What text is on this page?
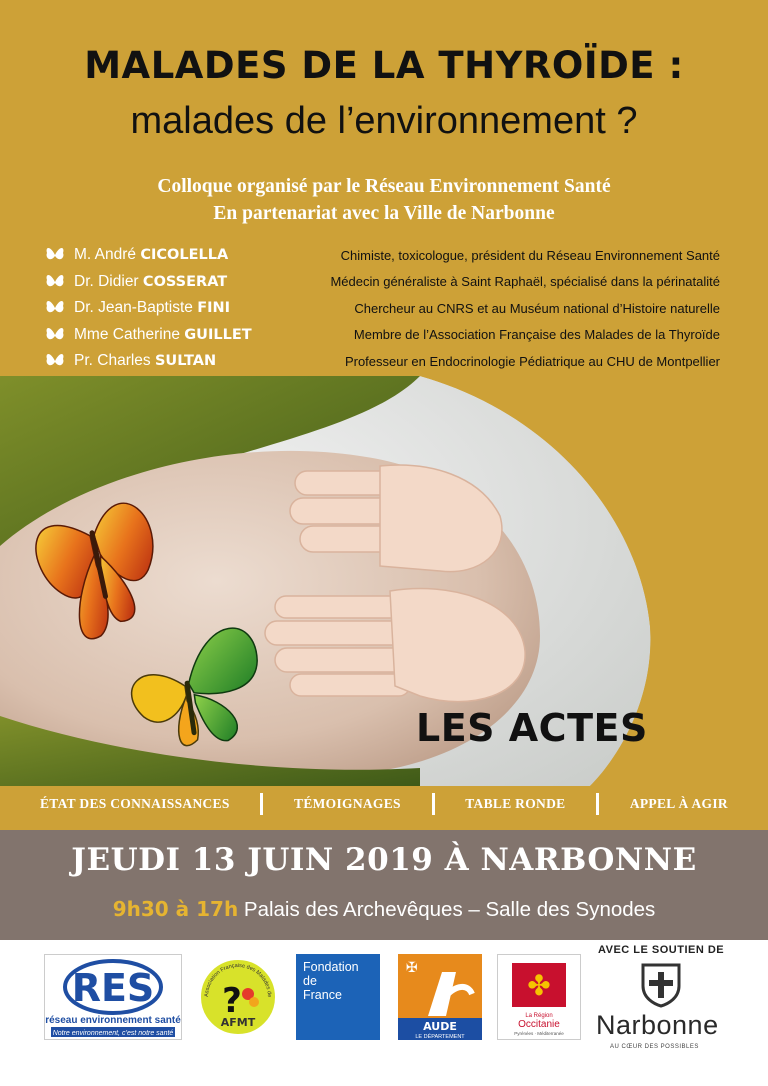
MALADES DE LA THYROÏDE :
malades de l’environnement ?
Colloque organisé par le Réseau Environnement Santé
En partenariat avec la Ville de Narbonne
M. André CICOLELLA	Chimiste, toxicologue, président du Réseau Environnement Santé
Dr. Didier COSSERAT	Médecin généraliste à Saint Raphaël, spécialisé dans la périnatalité
Dr. Jean-Baptiste FINI	Chercheur au CNRS et au Muséum national d’Histoire naturelle
Mme Catherine GUILLET	Membre de l’Association Française des Malades de la Thyroïde
Pr. Charles SULTAN	Professeur en Endocrinologie Pédiatrique au CHU de Montpellier
LES ACTES
ÉTAT DES CONNAISSANCES	TÉMOIGNAGES	TABLE RONDE	APPEL À AGIR
JEUDI 13 JUIN 2019 À NARBONNE
9h30 à 17h Palais des Archevêques – Salle des Synodes
RES
réseau environnement santé
Notre environnement, c’est notre santé
Association Française des Malades de
?
AFMT
Fondation
de
France
✠
AUDE
LE DÉPARTEMENT
✤
La Région
Occitanie
Pyrénées · Méditerranée
AVEC LE SOUTIEN DE
Narbonne
AU CŒUR DES POSSIBLES
